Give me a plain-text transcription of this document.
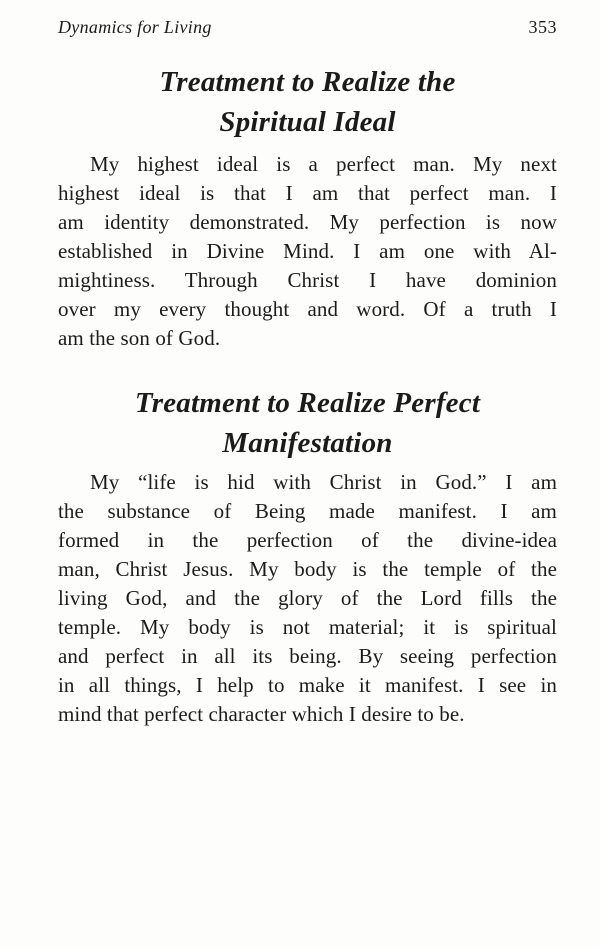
Dynamics for Living	353
Treatment to Realize the
Spiritual Ideal
My highest ideal is a perfect man. My next
highest ideal is that I am that perfect man. I
am identity demonstrated. My perfection is now
established in Divine Mind. I am one with Al-
mightiness. Through Christ I have dominion
over my every thought and word. Of a truth I
am the son of God.
Treatment to Realize Perfect
Manifestation
My “life is hid with Christ in God.” I am
the substance of Being made manifest. I am
formed in the perfection of the divine-idea
man, Christ Jesus. My body is the temple of the
living God, and the glory of the Lord fills the
temple. My body is not material; it is spiritual
and perfect in all its being. By seeing perfection
in all things, I help to make it manifest. I see in
mind that perfect character which I desire to be.
